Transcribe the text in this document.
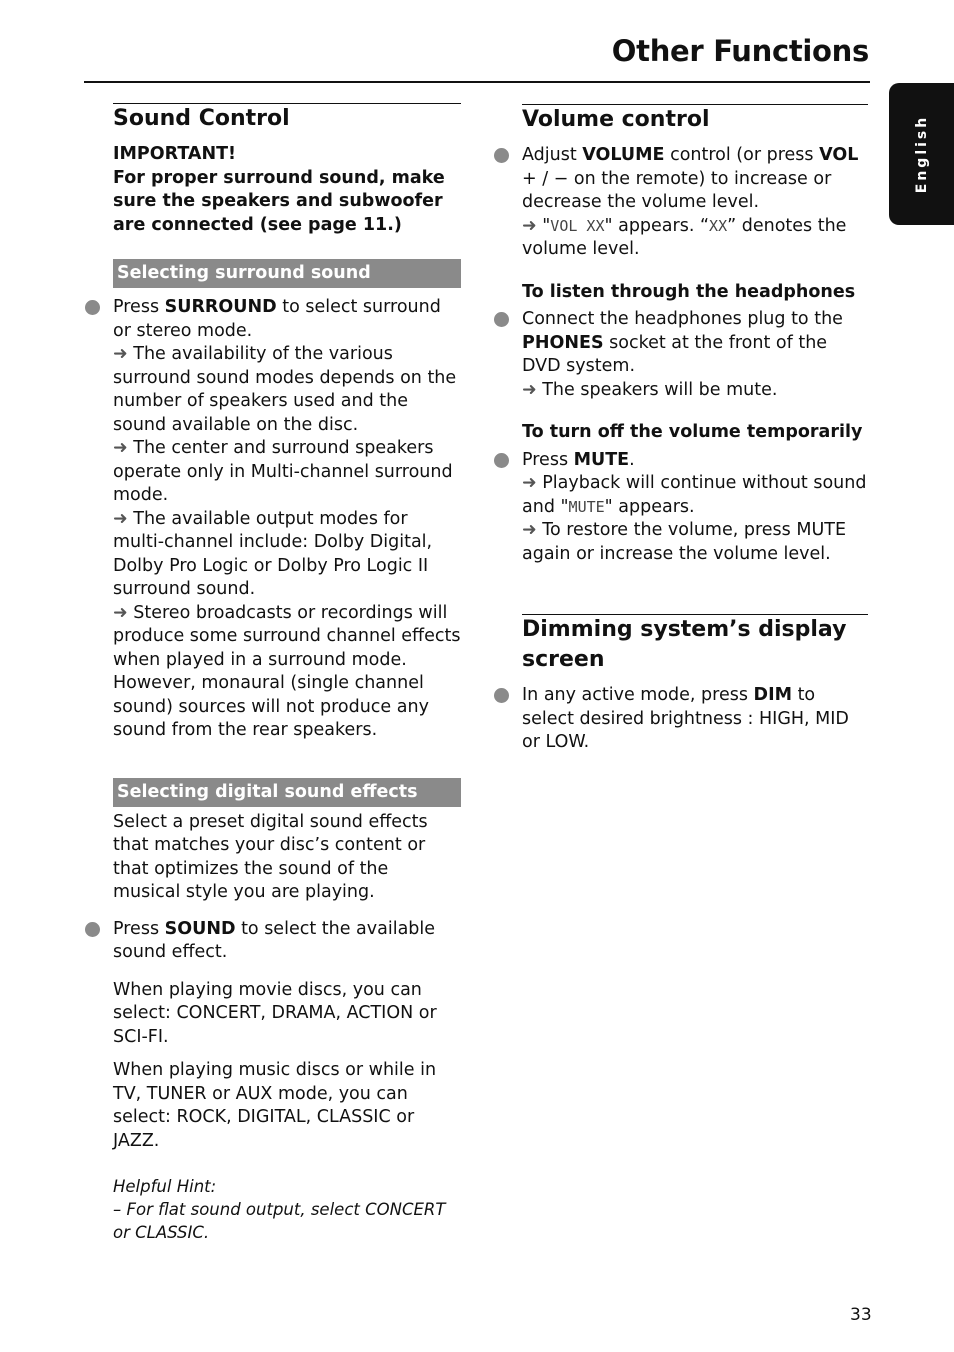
Other Functions
English
Sound Control

IMPORTANT!

For proper surround sound, make sure the speakers and subwoofer are connected (see page 11.)

Selecting surround sound

Press SURROUND to select surround or stereo mode.

➜ The availability of the various surround sound modes depends on the number of speakers used and the sound available on the disc.

➜ The center and surround speakers operate only in Multi-channel surround mode.

➜ The available output modes for multi-channel include: Dolby Digital, Dolby Pro Logic or Dolby Pro Logic II surround sound.

➜ Stereo broadcasts or recordings will produce some surround channel effects when played in a surround mode. However, monaural (single channel sound) sources will not produce any sound from the rear speakers.

Selecting digital sound effects

Select a preset digital sound effects that matches your disc’s content or that optimizes the sound of the musical style you are playing.

Press SOUND to select the available sound effect.

When playing movie discs, you can select: CONCERT, DRAMA, ACTION or SCI-FI.

When playing music discs or while in TV, TUNER or AUX mode, you can select: ROCK, DIGITAL, CLASSIC or JAZZ.

Helpful Hint:

– For flat sound output, select CONCERT or CLASSIC.

Volume control

Adjust VOLUME control (or press VOL + / − on the remote) to increase or decrease the volume level.

➜ "VOL XX" appears. “XX” denotes the volume level.

To listen through the headphones

Connect the headphones plug to the PHONES socket at the front of the DVD system.

➜ The speakers will be mute.

To turn off the volume temporarily

Press MUTE.

➜ Playback will continue without sound and "MUTE" appears.

➜ To restore the volume, press MUTE again or increase the volume level.

Dimming system’s display screen

In any active mode, press DIM to select desired brightness : HIGH, MID or LOW.

33
